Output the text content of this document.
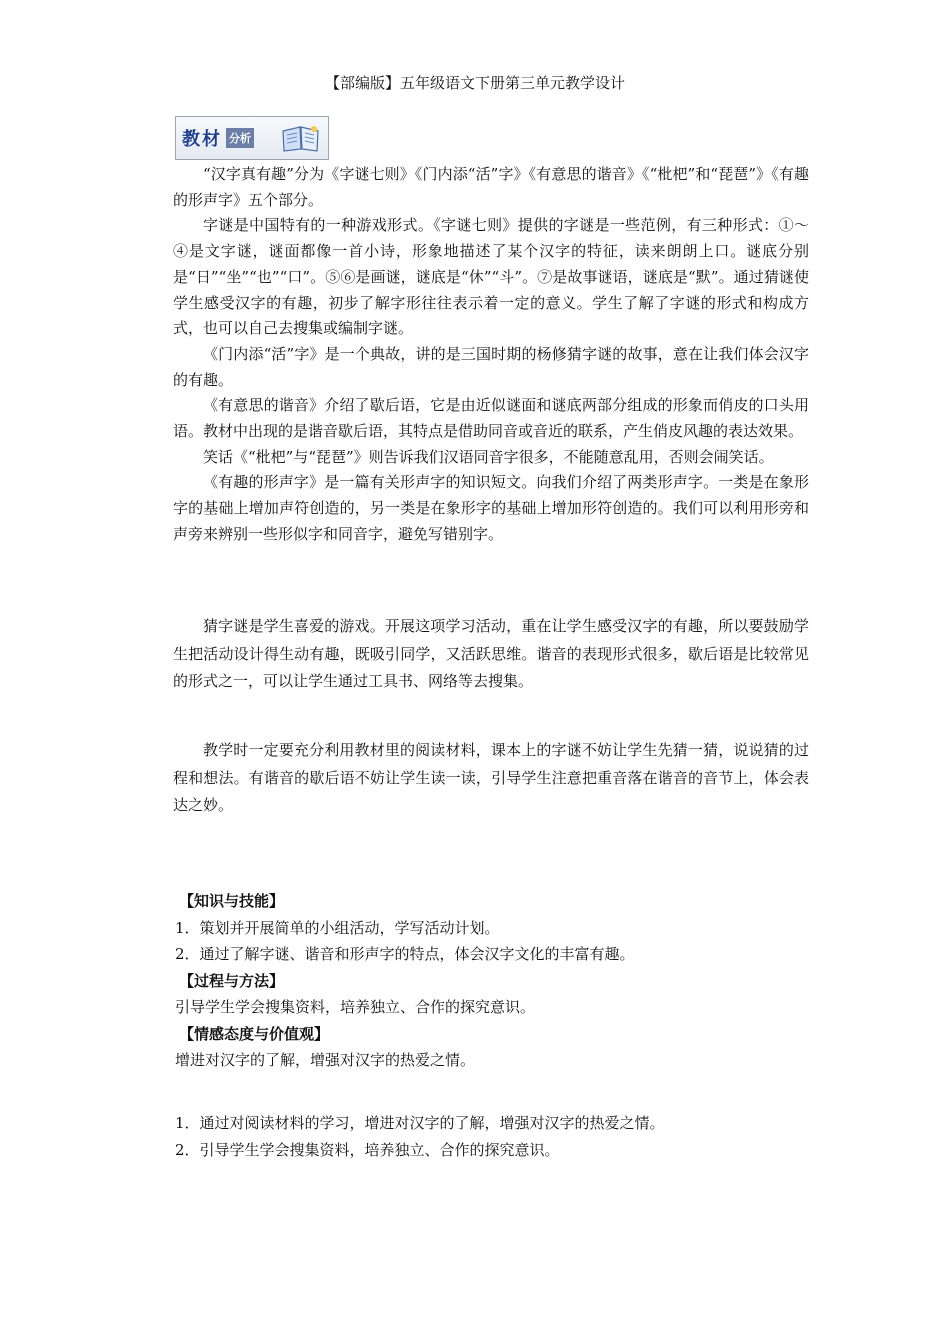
【部编版】五年级语文下册第三单元教学设计
教 材 分析

“汉字真有趣”分为《字谜七则》《门内添“活”字》《有意思的谐音》《“枇杷”和“琵琶”》《有趣的形声字》五个部分。

字谜是中国特有的一种游戏形式。《字谜七则》提供的字谜是一些范例，有三种形式：①～④是文字谜，谜面都像一首小诗，形象地描述了某个汉字的特征，读来朗朗上口。谜底分别是“日”“坐”“也”“口”。⑤⑥是画谜，谜底是“休”“斗”。⑦是故事谜语，谜底是“默”。通过猜谜使学生感受汉字的有趣，初步了解字形往往表示着一定的意义。学生了解了字谜的形式和构成方式，也可以自己去搜集或编制字谜。

《门内添“活”字》是一个典故，讲的是三国时期的杨修猜字谜的故事，意在让我们体会汉字的有趣。

《有意思的谐音》介绍了歇后语，它是由近似谜面和谜底两部分组成的形象而俏皮的口头用语。教材中出现的是谐音歇后语，其特点是借助同音或音近的联系，产生俏皮风趣的表达效果。

笑话《“枇杷”与“琵琶”》则告诉我们汉语同音字很多，不能随意乱用，否则会闹笑话。

《有趣的形声字》是一篇有关形声字的知识短文。向我们介绍了两类形声字。一类是在象形字的基础上增加声符创造的，另一类是在象形字的基础上增加形符创造的。我们可以利用形旁和声旁来辨别一些形似字和同音字，避免写错别字。

猜字谜是学生喜爱的游戏。开展这项学习活动，重在让学生感受汉字的有趣，所以要鼓励学生把活动设计得生动有趣，既吸引同学，又活跃思维。谐音的表现形式很多，歇后语是比较常见的形式之一，可以让学生通过工具书、网络等去搜集。

教学时一定要充分利用教材里的阅读材料，课本上的字谜不妨让学生先猜一猜，说说猜的过程和想法。有谐音的歇后语不妨让学生读一读，引导学生注意把重音落在谐音的音节上，体会表达之妙。

【知识与技能】

1．策划并开展简单的小组活动，学写活动计划。

2．通过了解字谜、谐音和形声字的特点，体会汉字文化的丰富有趣。

【过程与方法】

引导学生学会搜集资料，培养独立、合作的探究意识。

【情感态度与价值观】

增进对汉字的了解，增强对汉字的热爱之情。

1．通过对阅读材料的学习，增进对汉字的了解，增强对汉字的热爱之情。

2．引导学生学会搜集资料，培养独立、合作的探究意识。
